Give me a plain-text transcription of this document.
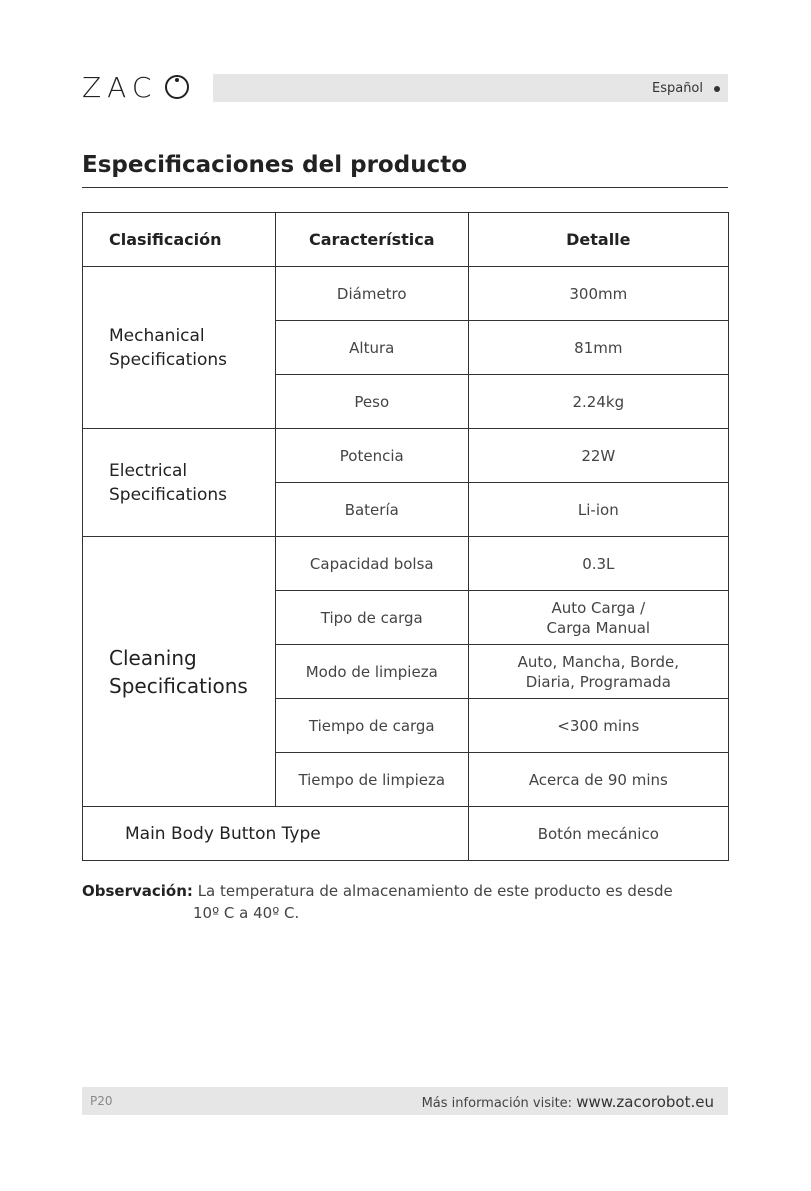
ZAC	Español
Especificaciones del producto
Clasificación	Característica	Detalle
Mechanical
Specifications	Diámetro	300mm
	Altura	81mm
	Peso	2.24kg
Electrical
Specifications	Potencia	22W
	Batería	Li-ion
Cleaning
Specifications	Capacidad bolsa	0.3L
	Tipo de carga	Auto Carga /
Carga Manual
	Modo de limpieza	Auto, Mancha, Borde,
Diaria, Programada
	Tiempo de carga	<300 mins
	Tiempo de limpieza	Acerca de 90 mins
Main Body Button Type		Botón mecánico
Observación: La temperatura de almacenamiento de este producto es desde
10º C a 40º C.
P20	Más información visite: www.zacorobot.eu
